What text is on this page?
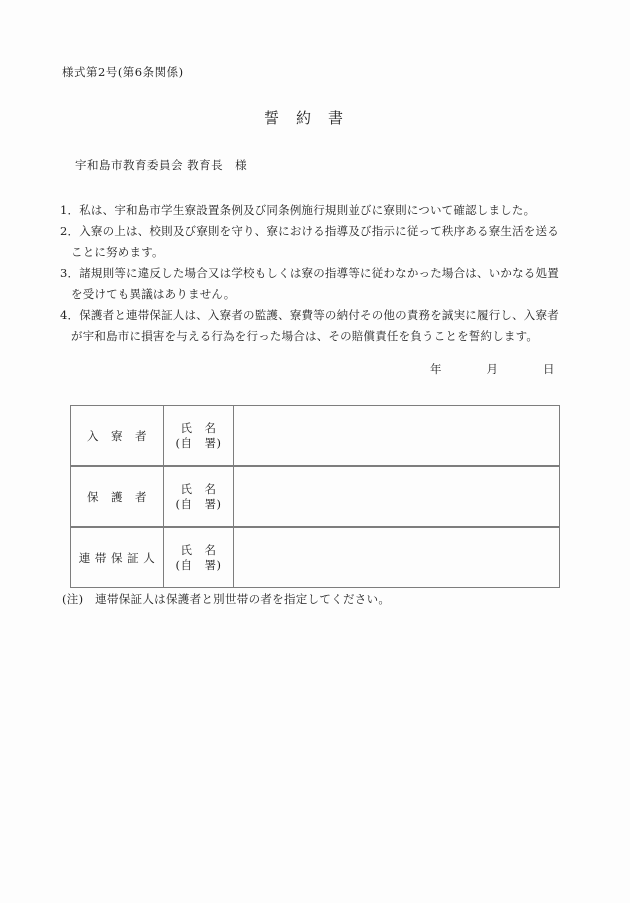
様式第2号(第6条関係)
誓　約　書
宇和島市教育委員会 教育長　様
1．私は、宇和島市学生寮設置条例及び同条例施行規則並びに寮則について確認しました。
2．入寮の上は、校則及び寮則を守り、寮における指導及び指示に従って秩序ある寮生活を送る
ことに努めます。
3．諸規則等に違反した場合又は学校もしくは寮の指導等に従わなかった場合は、いかなる処置
を受けても異議はありません。
4．保護者と連帯保証人は、入寮者の監護、寮費等の納付その他の責務を誠実に履行し、入寮者
が宇和島市に損害を与える行為を行った場合は、その賠償責任を負うことを誓約します。
年	月	日
入　寮　者
氏　名
(自　署)
保　護　者
氏　名
(自　署)
連 帯 保 証 人
氏　名
(自　署)
(注)　連帯保証人は保護者と別世帯の者を指定してください。
